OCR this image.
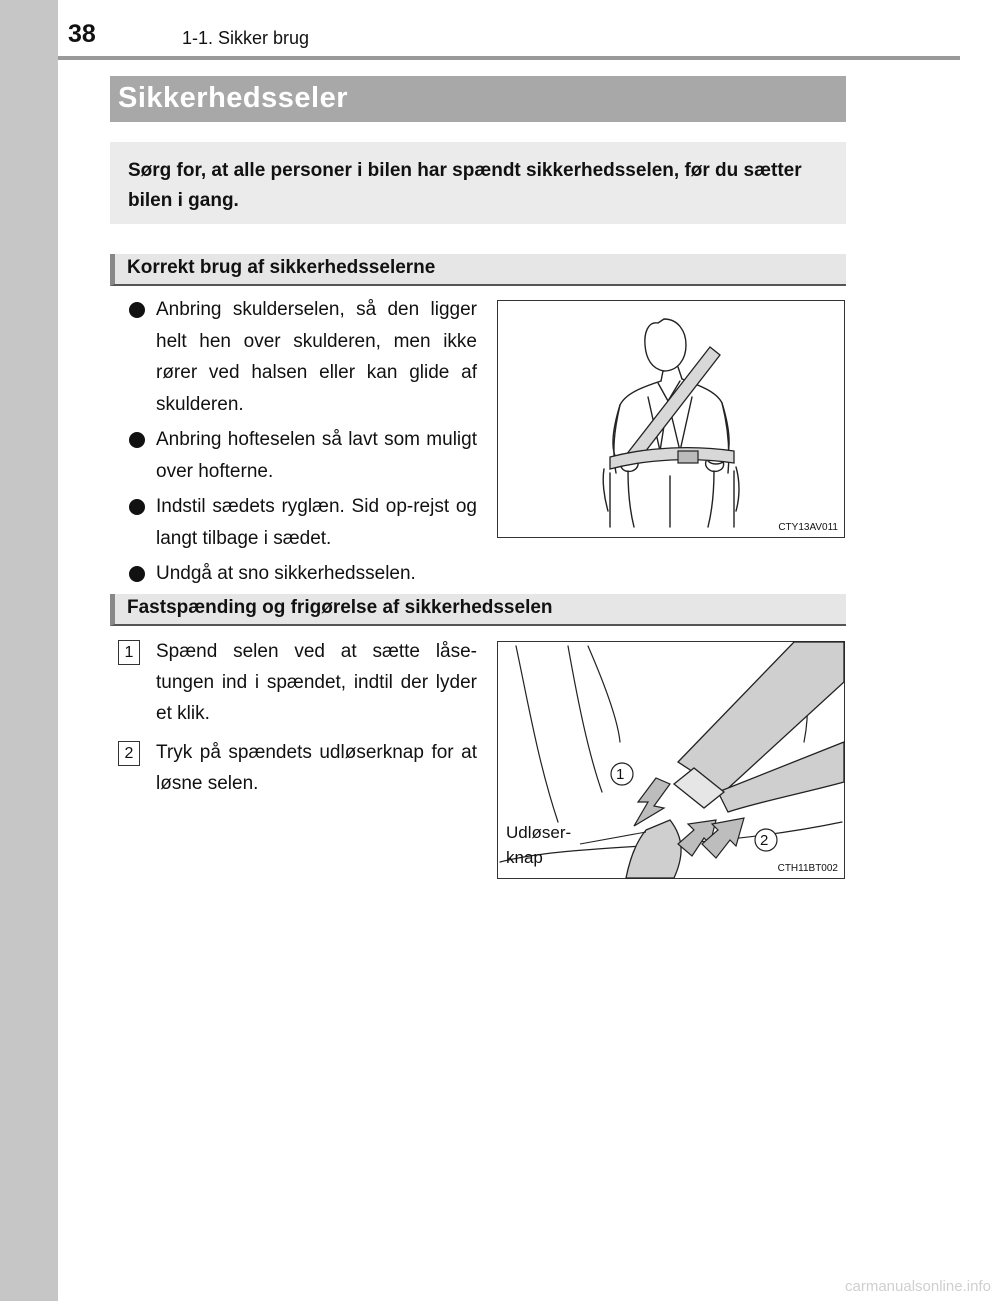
38	1-1. Sikker brug
Sikkerhedsseler

Sørg for, at alle personer i bilen har spændt sikkerhedsselen, før du sætter bilen i gang.

Korrekt brug af sikkerhedsselerne
Anbring skulderselen, så den ligger helt hen over skulderen, men ikke rører ved halsen eller kan glide af skulderen.
Anbring hofteselen så lavt som muligt over hofterne.
Indstil sædets ryglæn. Sid op-rejst og langt tilbage i sædet.
Undgå at sno sikkerhedsselen.
CTY13AV011
Fastspænding og frigørelse af sikkerhedsselen
1	Spænd selen ved at sætte låse-tungen ind i spændet, indtil der lyder et klik.
2	Tryk på spændets udløserknap for at løsne selen.	1
2
Udløser-
knap
CTH11BT002
carmanualsonline.info
